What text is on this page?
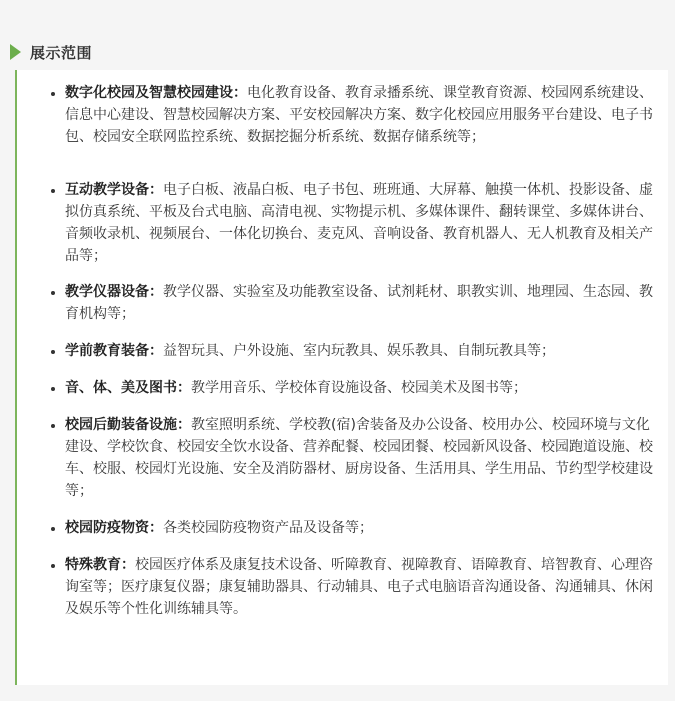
展示范围
• 数字化校园及智慧校园建设：电化教育设备、教育录播系统、课堂教育资源、校园网系统建设、信息中心建设、智慧校园解决方案、平安校园解决方案、数字化校园应用服务平台建设、电子书包、校园安全联网监控系统、数据挖掘分析系统、数据存储系统等；
• 互动教学设备：电子白板、液晶白板、电子书包、班班通、大屏幕、触摸一体机、投影设备、虚拟仿真系统、平板及台式电脑、高清电视、实物提示机、多媒体课件、翻转课堂、多媒体讲台、音频收录机、视频展台、一体化切换台、麦克风、音响设备、教育机器人、无人机教育及相关产品等；
• 教学仪器设备：教学仪器、实验室及功能教室设备、试剂耗材、职教实训、地理园、生态园、教育机构等；
• 学前教育装备：益智玩具、户外设施、室内玩教具、娱乐教具、自制玩教具等；
• 音、体、美及图书：教学用音乐、学校体育设施设备、校园美术及图书等；
• 校园后勤装备设施：教室照明系统、学校教(宿)舍装备及办公设备、校用办公、校园环境与文化建设、学校饮食、校园安全饮水设备、营养配餐、校园团餐、校园新风设备、校园跑道设施、校车、校服、校园灯光设施、安全及消防器材、厨房设备、生活用具、学生用品、节约型学校建设等；
• 校园防疫物资：各类校园防疫物资产品及设备等；
• 特殊教育：校园医疗体系及康复技术设备、听障教育、视障教育、语障教育、培智教育、心理咨询室等；医疗康复仪器；康复辅助器具、行动辅具、电子式电脑语音沟通设备、沟通辅具、休闲及娱乐等个性化训练辅具等。
